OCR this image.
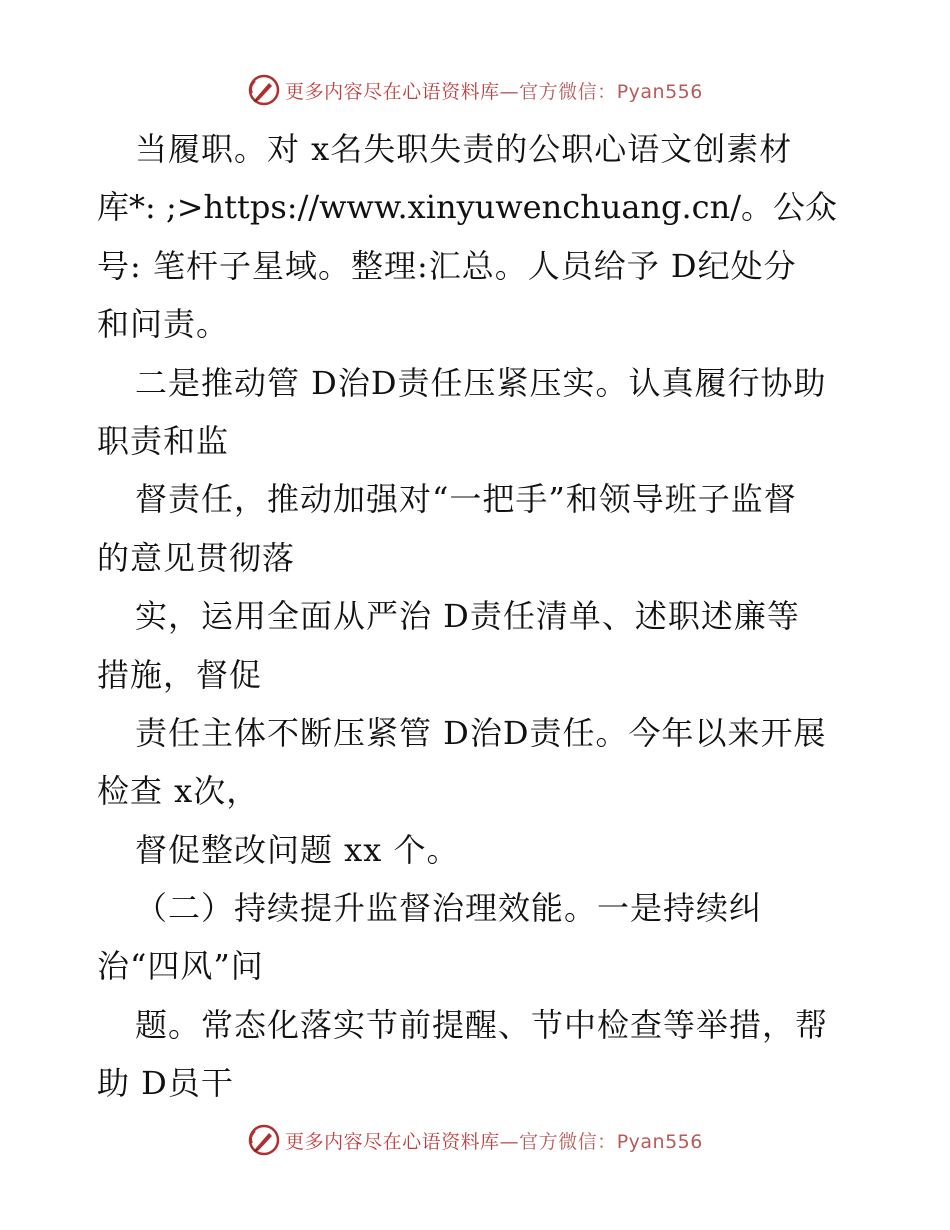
更多内容尽在心语资料库—官方微信：Pyan556
当履职。对 x名失职失责的公职心语文创素材
库*: ;>https://www.xinyuwenchuang.cn/。公众
号: 笔杆子星域。整理:汇总。人员给予 D纪处分
和问责。
二是推动管 D治D责任压紧压实。认真履行协助
职责和监
督责任，推动加强对“一把手”和领导班子监督
的意见贯彻落
实，运用全面从严治 D责任清单、述职述廉等
措施，督促
责任主体不断压紧管 D治D责任。今年以来开展
检查 x次，
督促整改问题 xx 个。
（二）持续提升监督治理效能。一是持续纠
治“四风”问
题。常态化落实节前提醒、节中检查等举措，帮
助 D员干
更多内容尽在心语资料库—官方微信：Pyan556
